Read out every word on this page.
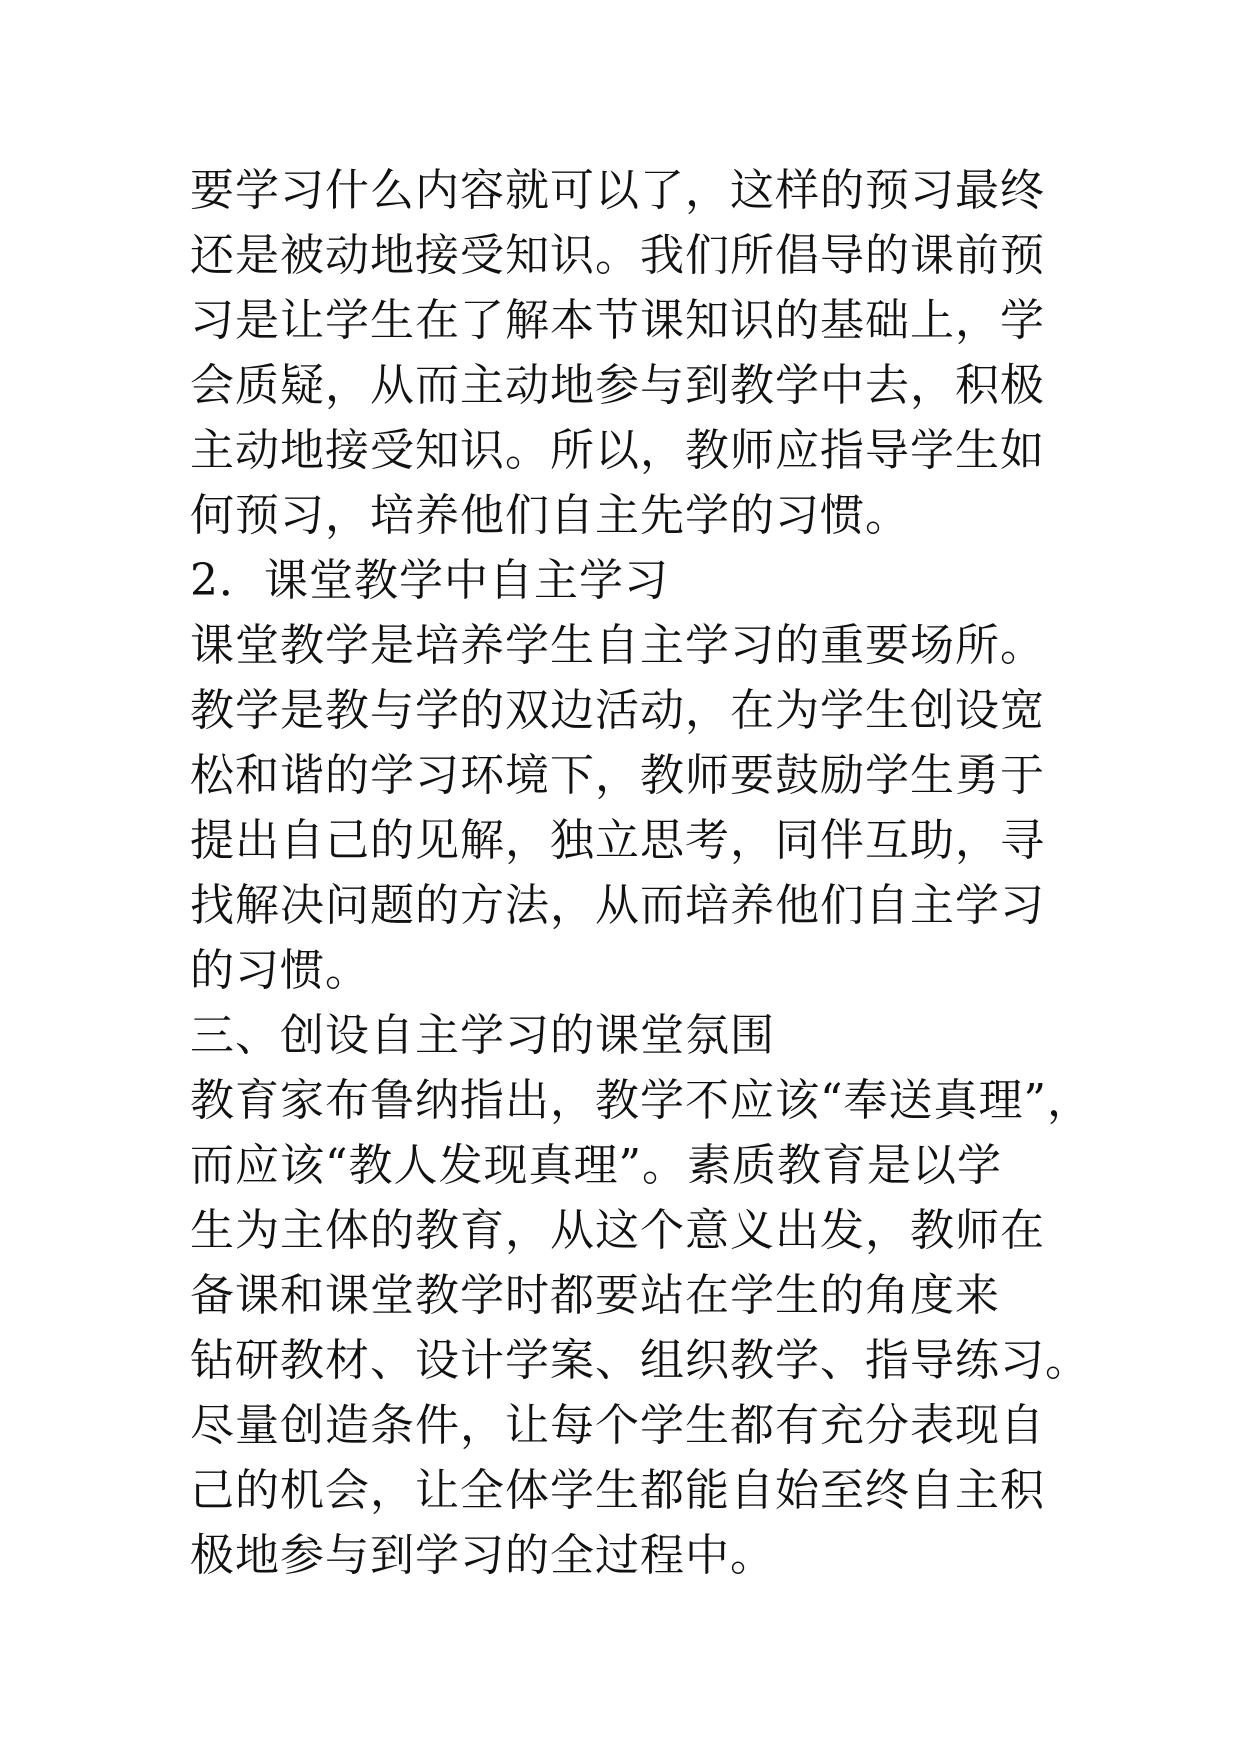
要学习什么内容就可以了，这样的预习最终
还是被动地接受知识。我们所倡导的课前预
习是让学生在了解本节课知识的基础上，学
会质疑，从而主动地参与到教学中去，积极
主动地接受知识。所以，教师应指导学生如
何预习，培养他们自主先学的习惯。
2．课堂教学中自主学习
课堂教学是培养学生自主学习的重要场所。
教学是教与学的双边活动，在为学生创设宽
松和谐的学习环境下，教师要鼓励学生勇于
提出自己的见解，独立思考，同伴互助，寻
找解决问题的方法，从而培养他们自主学习
的习惯。
三、创设自主学习的课堂氛围
教育家布鲁纳指出，教学不应该“奉送真理”，
而应该“教人发现真理”。素质教育是以学
生为主体的教育，从这个意义出发，教师在
备课和课堂教学时都要站在学生的角度来
钻研教材、设计学案、组织教学、指导练习。
尽量创造条件，让每个学生都有充分表现自
己的机会，让全体学生都能自始至终自主积
极地参与到学习的全过程中。
